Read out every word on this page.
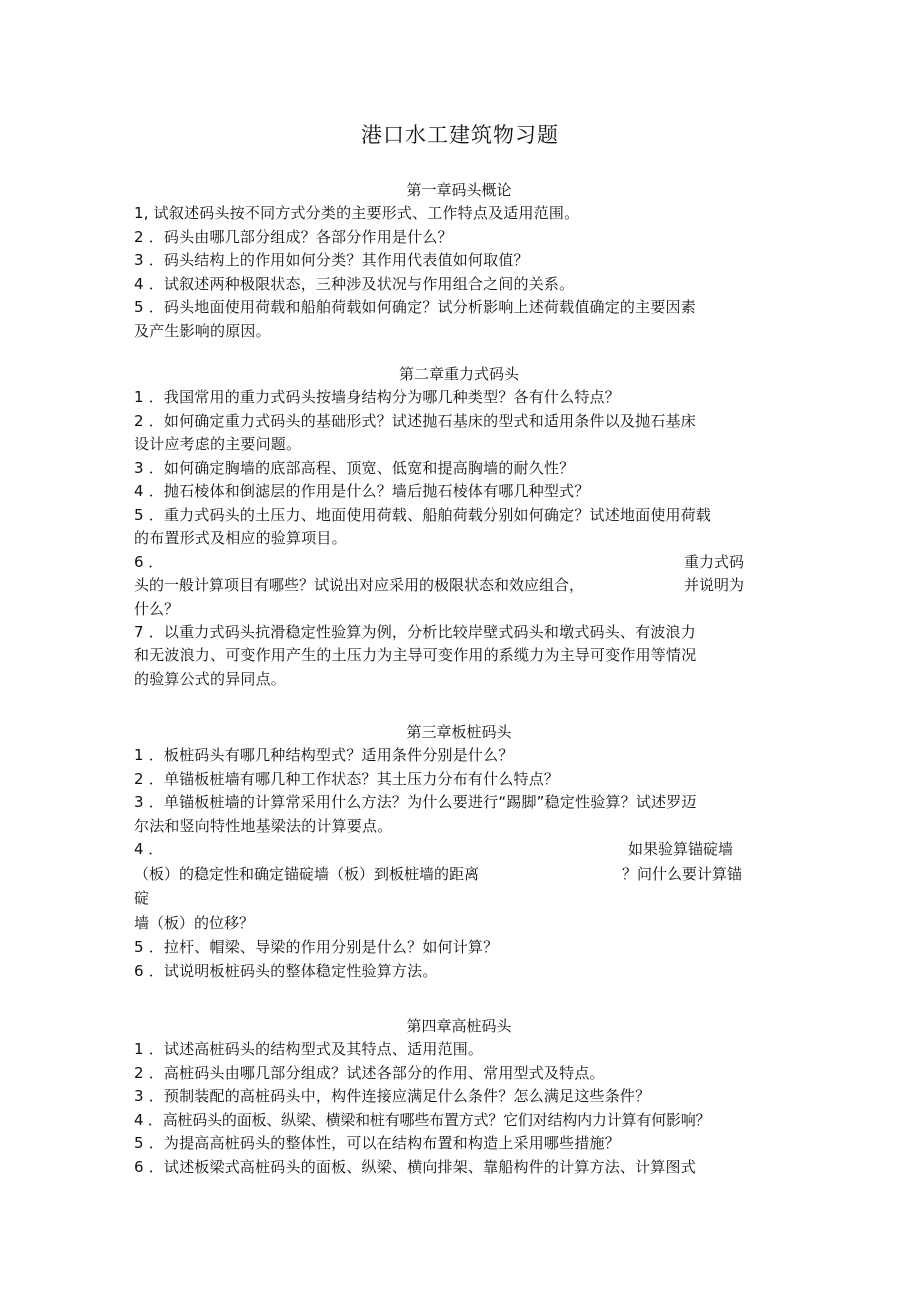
港口水工建筑物习题
第一章码头概论
1, 试叙述码头按不同方式分类的主要形式、工作特点及适用范围。
2 ．码头由哪几部分组成？各部分作用是什么？
3 ．码头结构上的作用如何分类？其作用代表值如何取值？
4 ．试叙述两种极限状态，三种涉及状况与作用组合之间的关系。
5 ．码头地面使用荷载和船舶荷载如何确定？试分析影响上述荷载值确定的主要因素
及产生影响的原因。
第二章重力式码头
1 ．我国常用的重力式码头按墙身结构分为哪几种类型？各有什么特点？
2 ．如何确定重力式码头的基础形式？试述抛石基床的型式和适用条件以及抛石基床
设计应考虑的主要问题。
3 ．如何确定胸墙的底部高程、顶宽、低宽和提高胸墙的耐久性？
4 ．抛石棱体和倒滤层的作用是什么？墙后抛石棱体有哪几种型式？
5 ．重力式码头的土压力、地面使用荷载、船舶荷载分别如何确定？试述地面使用荷载
的布置形式及相应的验算项目。
6 ．	重力式码
头的一般计算项目有哪些？试说出对应采用的极限状态和效应组合，	并说明为
什么？
7 ．以重力式码头抗滑稳定性验算为例，分析比较岸壁式码头和墩式码头、有波浪力
和无波浪力、可变作用产生的土压力为主导可变作用的系缆力为主导可变作用等情况
的验算公式的异同点。
第三章板桩码头
1 ．板桩码头有哪几种结构型式？适用条件分别是什么？
2 ．单锚板桩墙有哪几种工作状态？其土压力分布有什么特点？
3 ．单锚板桩墙的计算常采用什么方法？为什么要进行“踢脚”稳定性验算？试述罗迈
尔法和竖向特性地基梁法的计算要点。
4 ．	如果验算锚碇墙
（板）的稳定性和确定锚碇墙（板）到板桩墙的距离	？问什么要计算锚
碇
墙（板）的位移？
5 ．拉杆、帽梁、导梁的作用分别是什么？如何计算？
6 ．试说明板桩码头的整体稳定性验算方法。
第四章高桩码头
1 ．试述高桩码头的结构型式及其特点、适用范围。
2 ．高桩码头由哪几部分组成？试述各部分的作用、常用型式及特点。
3 ．预制装配的高桩码头中，构件连接应满足什么条件？怎么满足这些条件？
4 ．高桩码头的面板、纵梁、横梁和桩有哪些布置方式？它们对结构内力计算有何影响？
5 ．为提高高桩码头的整体性，可以在结构布置和构造上采用哪些措施？
6 ．试述板梁式高桩码头的面板、纵梁、横向排架、靠船构件的计算方法、计算图式
